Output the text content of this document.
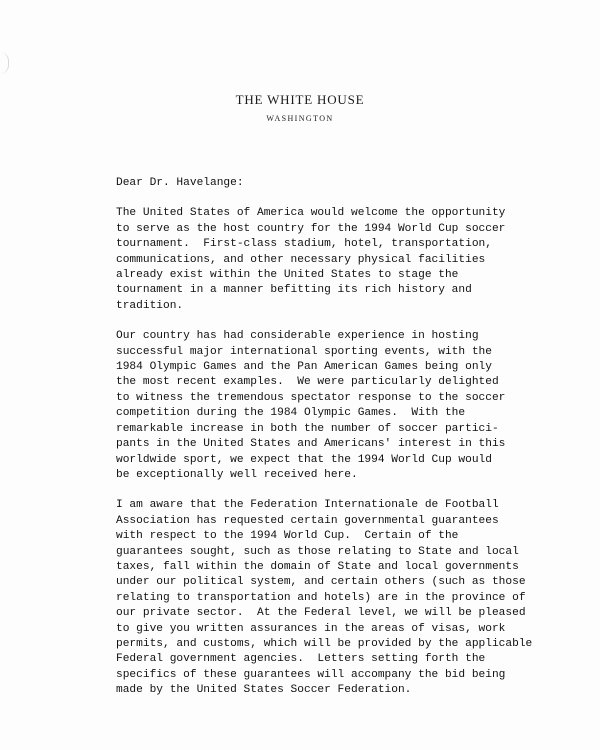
THE WHITE HOUSE
WASHINGTON
Dear Dr. Havelange:
The United States of America would welcome the opportunity
to serve as the host country for the 1994 World Cup soccer
tournament.  First-class stadium, hotel, transportation,
communications, and other necessary physical facilities
already exist within the United States to stage the
tournament in a manner befitting its rich history and
tradition.
Our country has had considerable experience in hosting
successful major international sporting events, with the
1984 Olympic Games and the Pan American Games being only
the most recent examples.  We were particularly delighted
to witness the tremendous spectator response to the soccer
competition during the 1984 Olympic Games.  With the
remarkable increase in both the number of soccer partici-
pants in the United States and Americans' interest in this
worldwide sport, we expect that the 1994 World Cup would
be exceptionally well received here.
I am aware that the Federation Internationale de Football
Association has requested certain governmental guarantees
with respect to the 1994 World Cup.  Certain of the
guarantees sought, such as those relating to State and local
taxes, fall within the domain of State and local governments
under our political system, and certain others (such as those
relating to transportation and hotels) are in the province of
our private sector.  At the Federal level, we will be pleased
to give you written assurances in the areas of visas, work
permits, and customs, which will be provided by the applicable
Federal government agencies.  Letters setting forth the
specifics of these guarantees will accompany the bid being
made by the United States Soccer Federation.
